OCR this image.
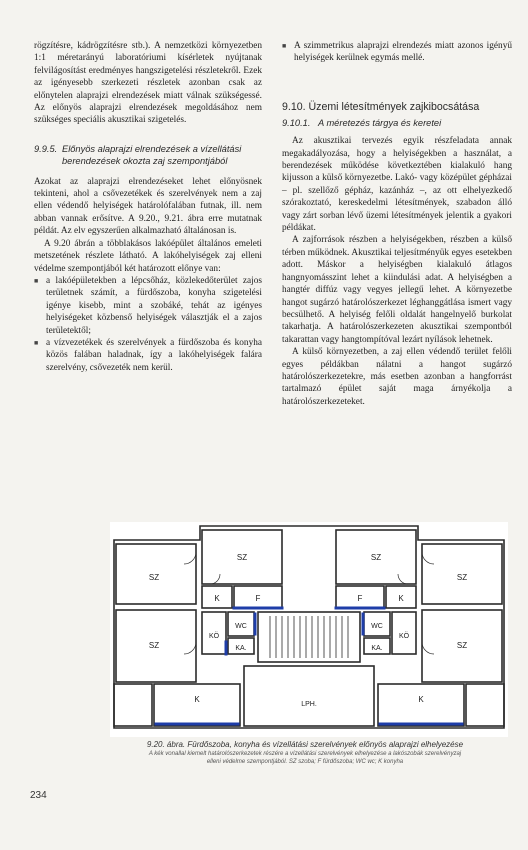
rögzítésre, kádrögzítésre stb.). A nemzetközi környezetben 1:1 méretarányú laboratóriumi kísérletek nyújtanak felvilágosítást eredményes hangszigetelési részletekről. Ezek az igényesebb szerkezeti részletek azonban csak az előnytelen alaprajzi elrendezések miatt válnak szükségessé. Az előnyös alaprajzi elrendezések megoldásához nem szükséges speciális akusztikai szigetelés.

9.9.5. Előnyös alaprajzi elrendezések a vízellátási berendezések okozta zaj szempontjából

Azokat az alaprajzi elrendezéseket lehet előnyösnek tekinteni, ahol a csővezetékek és szerelvények nem a zaj ellen védendő helyiségek határolófalában futnak, ill. nem abban vannak erősítve. A 9.20., 9.21. ábra erre mutatnak példát. Az elv egyszerűen alkalmazható általánosan is.

A 9.20 ábrán a többlakásos lakóépület általános emeleti metszetének részlete látható. A lakóhelyiségek zaj elleni védelme szempontjából két határozott előnye van:

■ a lakóépületekben a lépcsőház, közlekedőterület zajos területnek számít, a fürdőszoba, konyha szigetelési igénye kisebb, mint a szobáké, tehát az igényes helyiségeket közbenső helyiségek választják el a zajos területektől;
■ a vízvezetékek és szerelvények a fürdőszoba és konyha közös falában haladnak, így a lakóhelyiségek falára szerelvény, csővezeték nem kerül.
■ A szimmetrikus alaprajzi elrendezés miatt azonos igényű helyiségek kerülnek egymás mellé.
9.10. Üzemi létesítmények zajkibocsátása
9.10.1. A méretezés tárgya és keretei

Az akusztikai tervezés egyik részfeladata annak megakadályozása, hogy a helyiségekben a használat, a berendezések működése következtében kialakuló hang kijusson a külső környezetbe. Lakó- vagy középület gépházai – pl. szellőző gépház, kazánház –, az ott elhelyezkedő szórakoztató, kereskedelmi létesítmények, szabadon álló vagy zárt sorban lévő üzemi létesítmények jelentik a gyakori példákat.

A zajforrások részben a helyiségekben, részben a külső térben működnek. Akusztikai teljesítményük egyes esetekben adott. Máskor a helyiségben kialakuló átlagos hangnyomásszint lehet a kiindulási adat. A helyiségben a hangtér diffúz vagy vegyes jellegű lehet. A környezetbe hangot sugárzó határolószerkezet léghanggátlása ismert vagy becsülhető. A helyiség felőli oldalát hangelnyelő burkolat takarhatja. A határolószerkezeten akusztikai szempontból takarattan vagy hangtompítóval lezárt nyílások lehetnek.

A külső környezetben, a zaj ellen védendő terület felőli egyes példákban nálatni a hangot sugárzó határolószerkezetekre, más esetben azonban a hangforrást tartalmazó épület saját maga árnyékolja a határolószerkezeteket.

SZ	SZ
SZ	SZ
SZ	SZ
K	K
F	F
WC	WC
KÖ	KÖ
KA.	KA.
K	K
LPH.
9.20. ábra. Fürdőszoba, konyha és vízellátási szerelvények előnyös alaprajzi elhelyezése
A kék vonallal kiemelt határolószerkezetek részére a vízellátási szerelvények elhelyezése a lakószobák szerelvényzaj
elleni védelme szempontjából. SZ szoba; F fürdőszoba; WC wc; K konyha
234
